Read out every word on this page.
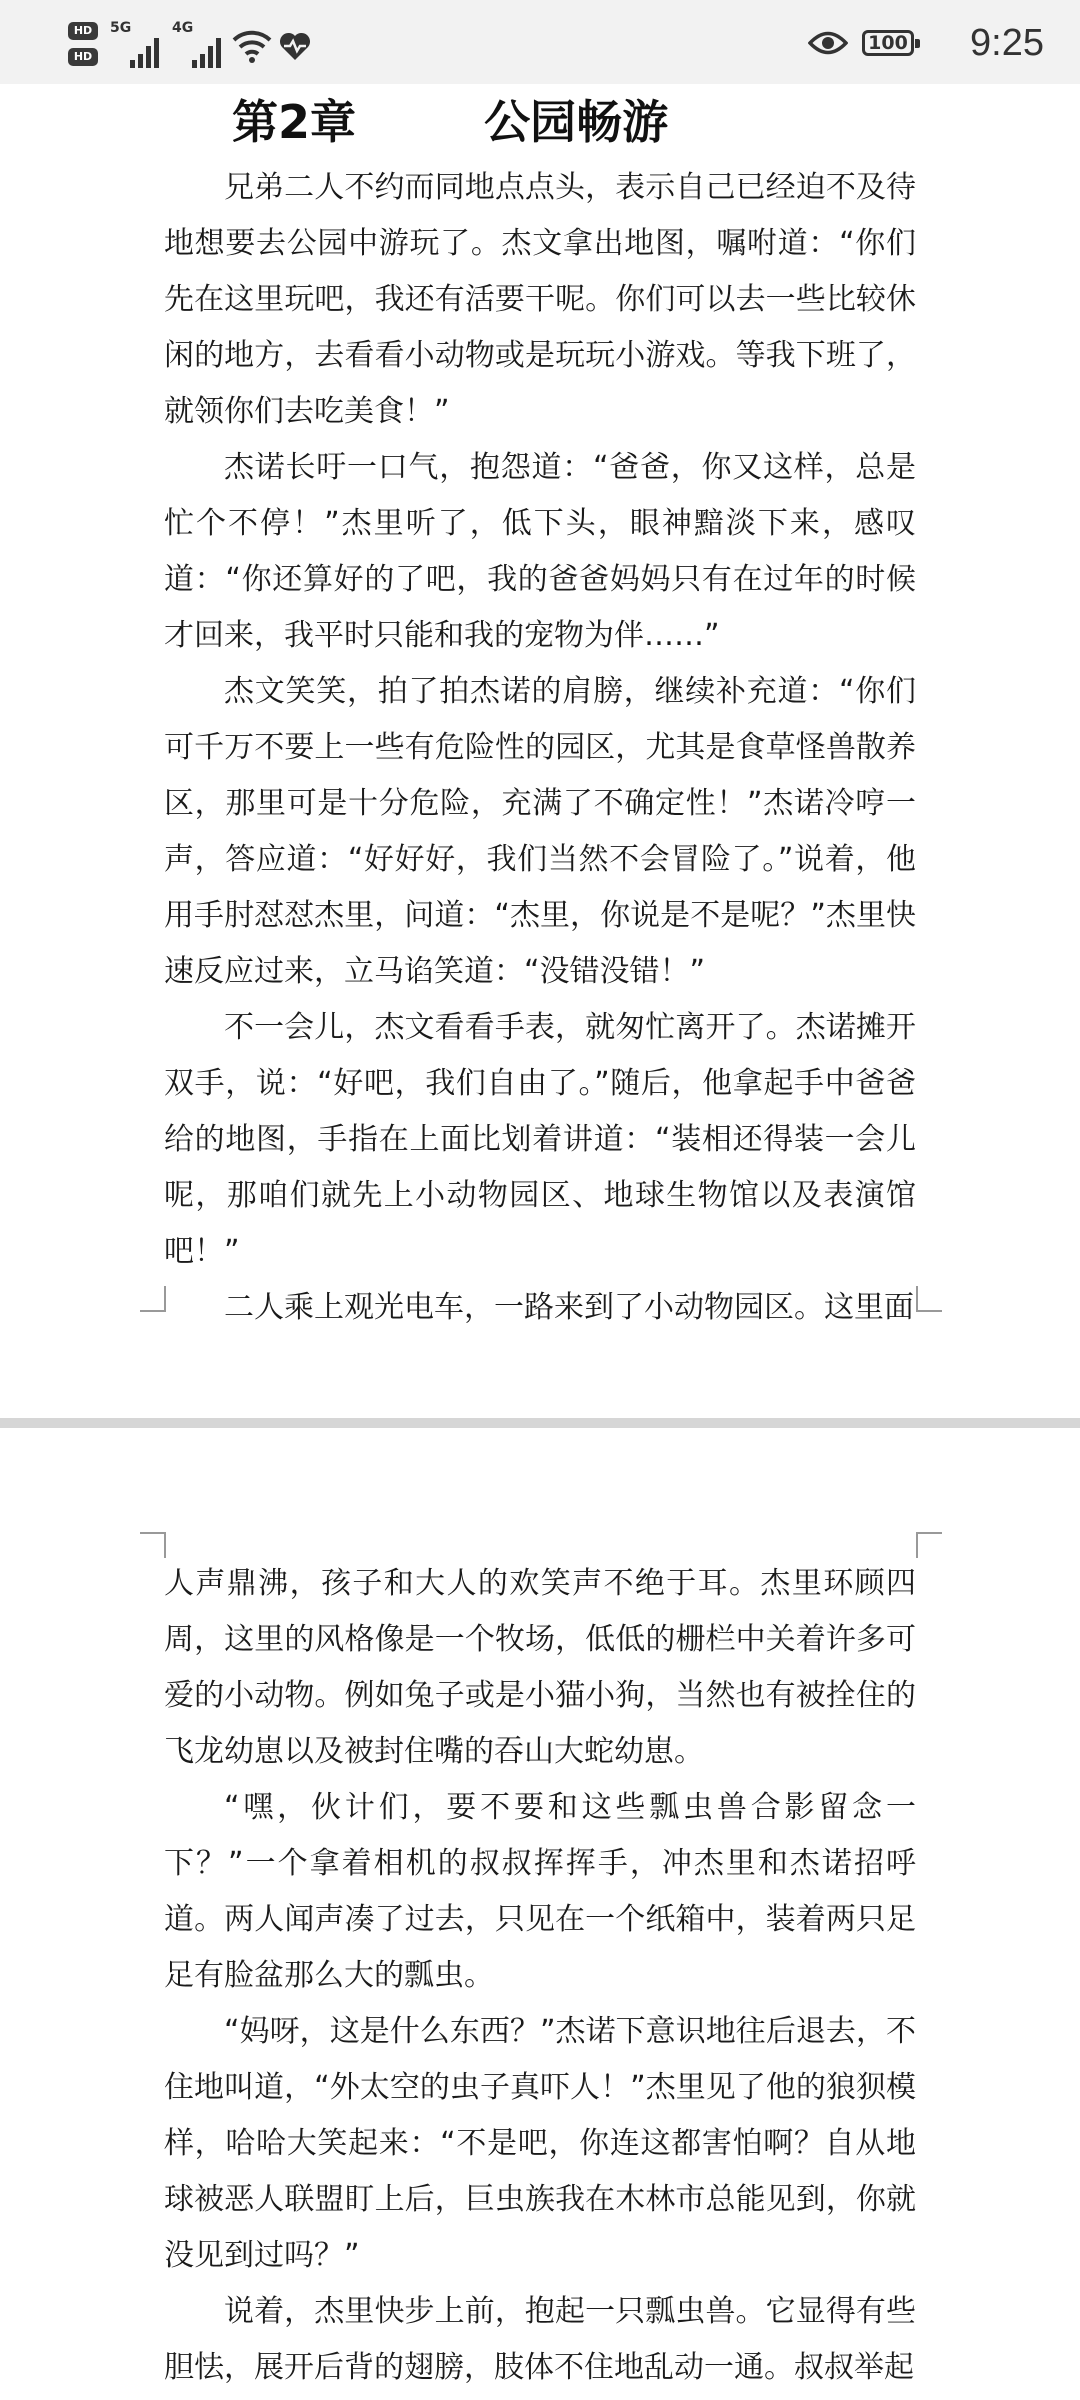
HD
HD
5G	4G
100 9:25
第2章        公园畅游

兄弟二人不约而同地点点头，表示自己已经迫不及待地想要去公园中游玩了。杰文拿出地图，嘱咐道：“你们先在这里玩吧，我还有活要干呢。你们可以去一些比较休闲的地方，去看看小动物或是玩玩小游戏。等我下班了，就领你们去吃美食！”

杰诺长吁一口气，抱怨道：“爸爸，你又这样，总是忙个不停！”杰里听了，低下头，眼神黯淡下来，感叹道：“你还算好的了吧，我的爸爸妈妈只有在过年的时候才回来，我平时只能和我的宠物为伴……”

杰文笑笑，拍了拍杰诺的肩膀，继续补充道：“你们可千万不要上一些有危险性的园区，尤其是食草怪兽散养区，那里可是十分危险，充满了不确定性！”杰诺冷哼一声，答应道：“好好好，我们当然不会冒险了。”说着，他用手肘怼怼杰里，问道：“杰里，你说是不是呢？”杰里快速反应过来，立马谄笑道：“没错没错！”

不一会儿，杰文看看手表，就匆忙离开了。杰诺摊开双手，说：“好吧，我们自由了。”随后，他拿起手中爸爸给的地图，手指在上面比划着讲道：“装相还得装一会儿呢，那咱们就先上小动物园区、地球生物馆以及表演馆吧！”

二人乘上观光电车，一路来到了小动物园区。这里面

人声鼎沸，孩子和大人的欢笑声不绝于耳。杰里环顾四周，这里的风格像是一个牧场，低低的栅栏中关着许多可爱的小动物。例如兔子或是小猫小狗，当然也有被拴住的飞龙幼崽以及被封住嘴的吞山大蛇幼崽。

“嘿，伙计们，要不要和这些瓢虫兽合影留念一下？”一个拿着相机的叔叔挥挥手，冲杰里和杰诺招呼道。两人闻声凑了过去，只见在一个纸箱中，装着两只足足有脸盆那么大的瓢虫。

“妈呀，这是什么东西？”杰诺下意识地往后退去，不住地叫道，“外太空的虫子真吓人！”杰里见了他的狼狈模样，哈哈大笑起来：“不是吧，你连这都害怕啊？自从地球被恶人联盟盯上后，巨虫族我在木林市总能见到，你就没见到过吗？”

说着，杰里快步上前，抱起一只瓢虫兽。它显得有些胆怯，展开后背的翅膀，肢体不住地乱动一通。叔叔举起
